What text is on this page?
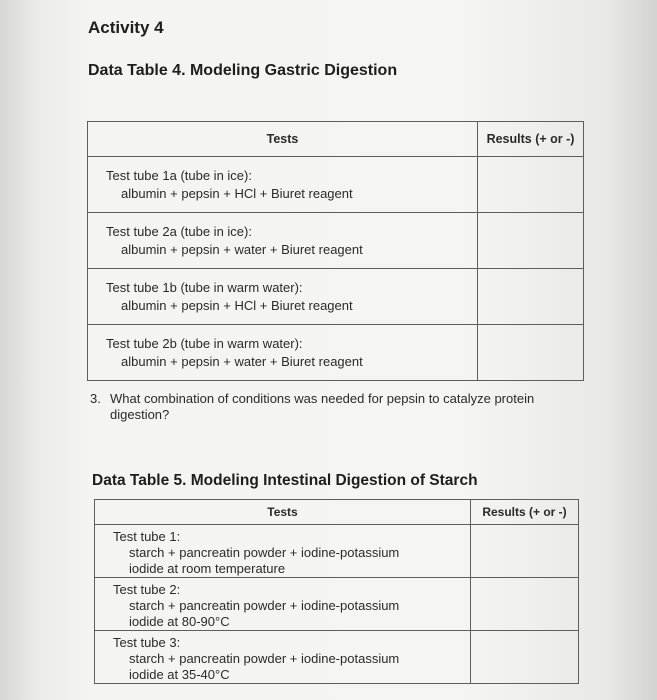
Activity 4
Data Table 4. Modeling Gastric Digestion
Tests	Results (+ or -)

Test tube 1a (tube in ice):
albumin + pepsin + HCl + Biuret reagent	

Test tube 2a (tube in ice):
albumin + pepsin + water + Biuret reagent	

Test tube 1b (tube in warm water):
albumin + pepsin + HCl + Biuret reagent	

Test tube 2b (tube in warm water):
albumin + pepsin + water + Biuret reagent	

3. What combination of conditions was needed for pepsin to catalyze protein digestion?
Data Table 5. Modeling Intestinal Digestion of Starch
Tests	Results (+ or -)

Test tube 1:
starch + pancreatin powder + iodine-potassium
iodide at room temperature	

Test tube 2:
starch + pancreatin powder + iodine-potassium
iodide at 80-90°C	

Test tube 3:
starch + pancreatin powder + iodine-potassium
iodide at 35-40°C	
